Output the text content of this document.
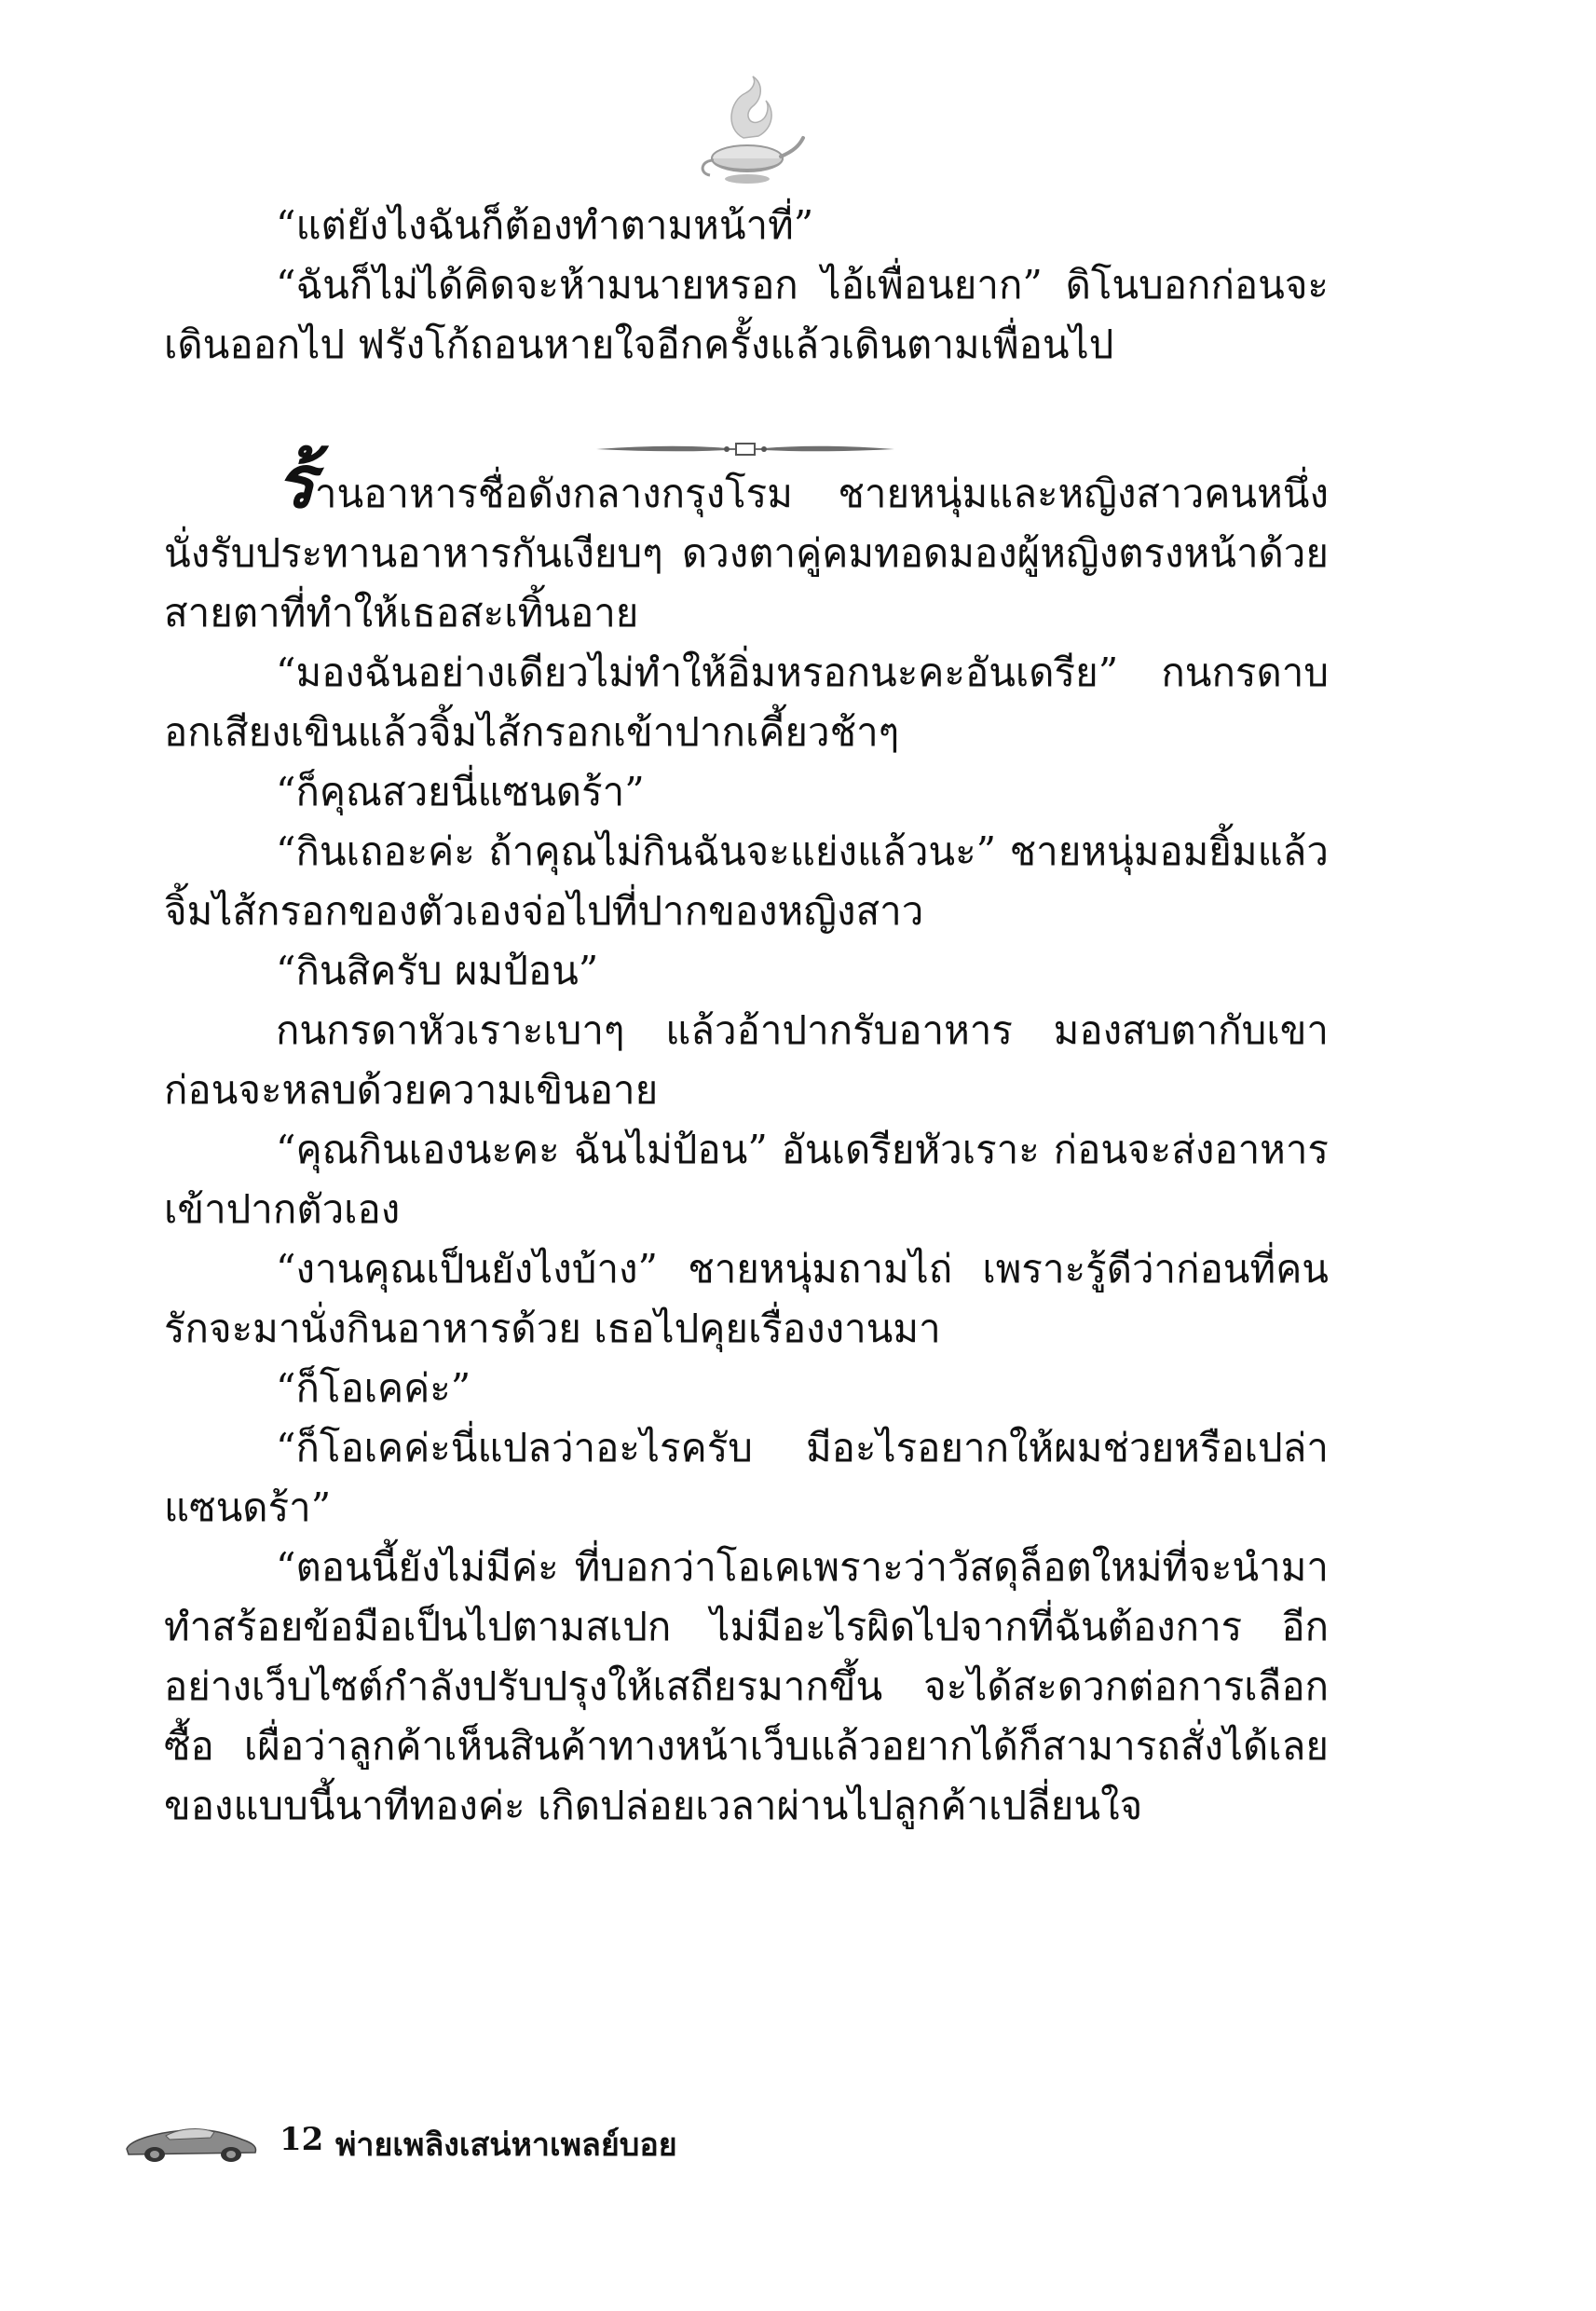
“แต่ยังไงฉันก็ต้องทำตามหน้าที่”

“ฉันก็ไม่ได้คิดจะห้ามนายหรอก ไอ้เพื่อนยาก” ดิโนบอกก่อนจะเดินออกไป ฟรังโก้ถอนหายใจอีกครั้งแล้วเดินตามเพื่อนไป

ร้านอาหารชื่อดังกลางกรุงโรม ชายหนุ่มและหญิงสาวคนหนึ่งนั่งรับประทานอาหารกันเงียบๆ ดวงตาคู่คมทอดมองผู้หญิงตรงหน้าด้วยสายตาที่ทำให้เธอสะเทิ้นอาย

“มองฉันอย่างเดียวไม่ทำให้อิ่มหรอกนะคะอันเดรีย” กนกรดาบอกเสียงเขินแล้วจิ้มไส้กรอกเข้าปากเคี้ยวช้าๆ

“ก็คุณสวยนี่แซนดร้า”

“กินเถอะค่ะ ถ้าคุณไม่กินฉันจะแย่งแล้วนะ” ชายหนุ่มอมยิ้มแล้วจิ้มไส้กรอกของตัวเองจ่อไปที่ปากของหญิงสาว

“กินสิครับ ผมป้อน”

กนกรดาหัวเราะเบาๆ แล้วอ้าปากรับอาหาร มองสบตากับเขาก่อนจะหลบด้วยความเขินอาย

“คุณกินเองนะคะ ฉันไม่ป้อน” อันเดรียหัวเราะ ก่อนจะส่งอาหารเข้าปากตัวเอง

“งานคุณเป็นยังไงบ้าง” ชายหนุ่มถามไถ่ เพราะรู้ดีว่าก่อนที่คนรักจะมานั่งกินอาหารด้วย เธอไปคุยเรื่องงานมา

“ก็โอเคค่ะ”

“ก็โอเคค่ะนี่แปลว่าอะไรครับ มีอะไรอยากให้ผมช่วยหรือเปล่าแซนดร้า”

“ตอนนี้ยังไม่มีค่ะ ที่บอกว่าโอเคเพราะว่าวัสดุล็อตใหม่ที่จะนำมาทำสร้อยข้อมือเป็นไปตามสเปก ไม่มีอะไรผิดไปจากที่ฉันต้องการ อีกอย่างเว็บไซต์กำลังปรับปรุงให้เสถียรมากขึ้น จะได้สะดวกต่อการเลือกซื้อ เผื่อว่าลูกค้าเห็นสินค้าทางหน้าเว็บแล้วอยากได้ก็สามารถสั่งได้เลย ของแบบนี้นาทีทองค่ะ เกิดปล่อยเวลาผ่านไปลูกค้าเปลี่ยนใจ

12 พ่ายเพลิงเสน่หาเพลย์บอย
